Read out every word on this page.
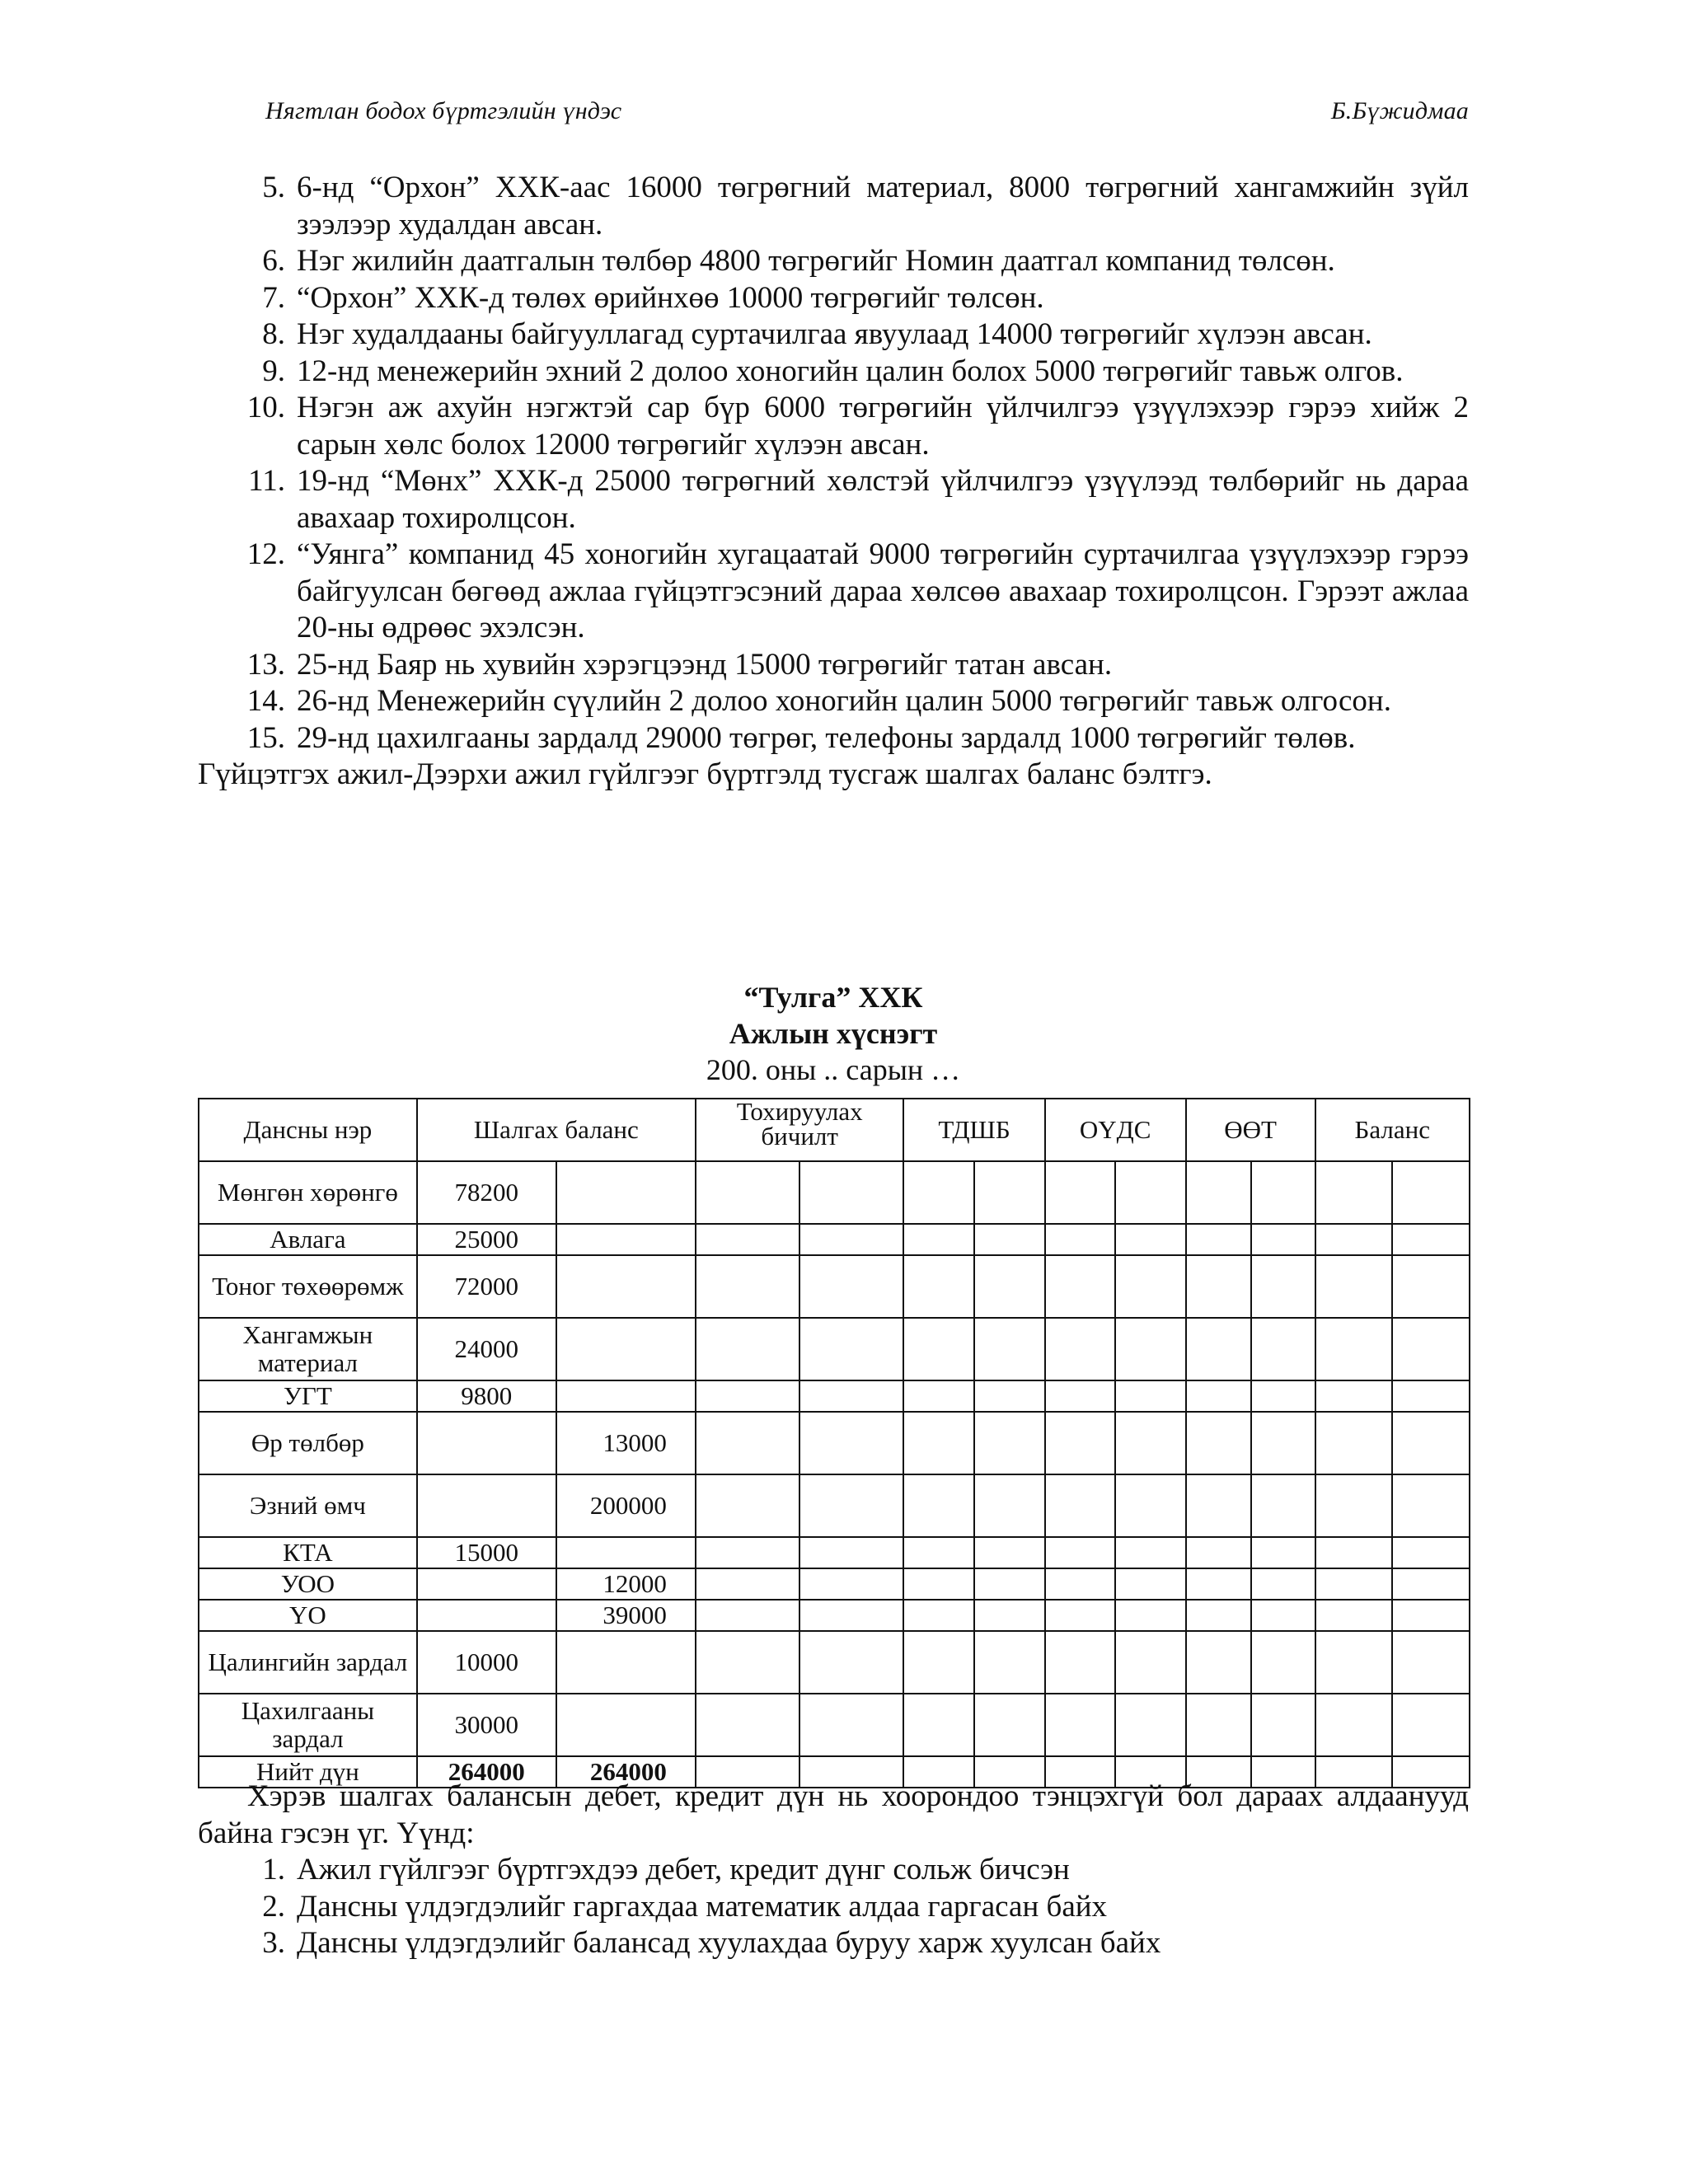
Нягтлан бодох бүртгэлийн үндэс	Б.Бүжидмаа
5. 6-нд “Орхон” ХХК-аас 16000 төгрөгний материал, 8000 төгрөгний хангамжийн зүйл зээлээр худалдан авсан.
6. Нэг жилийн даатгалын төлбөр 4800 төгрөгийг Номин даатгал компанид төлсөн.
7. “Орхон” ХХК-д төлөх өрийнхөө 10000 төгрөгийг төлсөн.
8. Нэг худалдааны байгууллагад суртачилгаа явуулаад 14000 төгрөгийг хүлээн авсан.
9. 12-нд менежерийн эхний 2 долоо хоногийн цалин болох 5000 төгрөгийг тавьж олгов.
10. Нэгэн аж ахуйн нэгжтэй сар бүр 6000 төгрөгийн үйлчилгээ үзүүлэхээр гэрээ хийж 2 сарын хөлс болох 12000 төгрөгийг хүлээн авсан.
11. 19-нд “Мөнх” ХХК-д 25000 төгрөгний хөлстэй үйлчилгээ үзүүлээд төлбөрийг нь дараа авахаар тохиролцсон.
12. “Уянга” компанид 45 хоногийн хугацаатай 9000 төгрөгийн суртачилгаа үзүүлэхээр гэрээ байгуулсан бөгөөд ажлаа гүйцэтгэсэний дараа хөлсөө авахаар тохиролцсон. Гэрээт ажлаа 20-ны өдрөөс эхэлсэн.
13. 25-нд Баяр нь хувийн хэрэгцээнд 15000 төгрөгийг татан авсан.
14. 26-нд Менежерийн сүүлийн 2 долоо хоногийн цалин 5000 төгрөгийг тавьж олгосон.
15. 29-нд цахилгааны зардалд 29000 төгрөг, телефоны зардалд 1000 төгрөгийг төлөв.

Гүйцэтгэх ажил-Дээрхи ажил гүйлгээг бүртгэлд тусгаж шалгах баланс бэлтгэ.

“Тулга” ХХК
Ажлын хүснэгт
200. оны .. сарын …
Дансны нэр	Шалгах баланс		Тохируулах бичилт		ТДШБ		ОҮДС		ӨӨТ		Баланс	
Мөнгөн хөрөнгө	78200											
Авлага	25000											
Тоног төхөөрөмж	72000											
Хангамжын материал	24000											
УГТ	9800											
Өр төлбөр		13000										
Эзний өмч		200000										
КТА	15000											
УОО		12000										
ҮО		39000										
Цалингийн зардал	10000											
Цахилгааны зардал	30000											
Нийт дүн	264000	264000										

Хэрэв шалгах балансын дебет, кредит дүн нь хоорондоо тэнцэхгүй бол дараах алдаанууд байна гэсэн үг. Үүнд:

1. Ажил гүйлгээг бүртгэхдээ дебет, кредит дүнг сольж бичсэн
2. Дансны үлдэгдэлийг гаргахдаа математик алдаа гаргасан байх
3. Дансны үлдэгдэлийг балансад хуулахдаа буруу харж хуулсан байх
